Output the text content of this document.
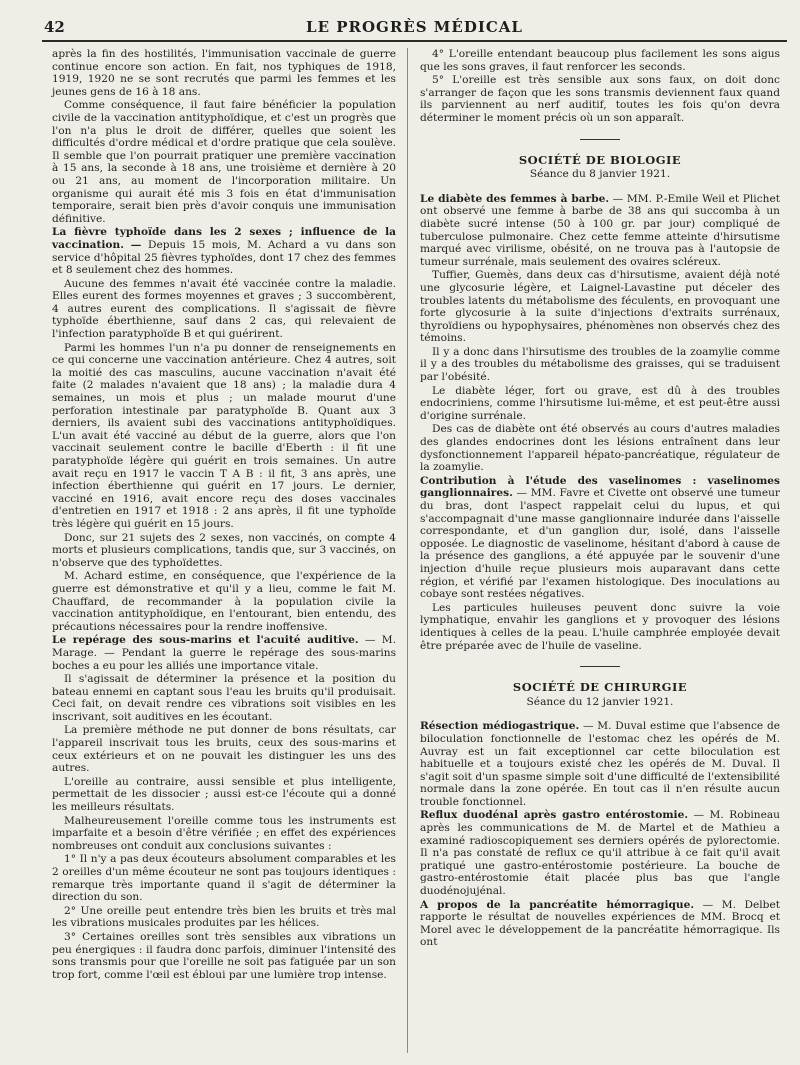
42	LE PROGRÈS MÉDICAL

après la fin des hostilités, l'immunisation vaccinale de guerre continue encore son action. En fait, nos typhiques de 1918, 1919, 1920 ne se sont recrutés que parmi les femmes et les jeunes gens de 16 à 18 ans.

Comme conséquence, il faut faire bénéficier la population civile de la vaccination antityphoïdique, et c'est un progrès que l'on n'a plus le droit de différer, quelles que soient les difficultés d'ordre médical et d'ordre pratique que cela soulève. Il semble que l'on pourrait pratiquer une première vaccination à 15 ans, la seconde à 18 ans, une troisième et dernière à 20 ou 21 ans, au moment de l'incorporation militaire. Un organisme qui aurait été mis 3 fois en état d'immunisation temporaire, serait bien près d'avoir conquis une immunisation définitive.

La fièvre typhoïde dans les 2 sexes ; influence de la vaccination. — Depuis 15 mois, M. Achard a vu dans son service d'hôpital 25 fièvres typhoïdes, dont 17 chez des femmes et 8 seulement chez des hommes.

Aucune des femmes n'avait été vaccinée contre la maladie. Elles eurent des formes moyennes et graves ; 3 succombèrent, 4 autres eurent des complications. Il s'agissait de fièvre typhoïde éberthienne, sauf dans 2 cas, qui relevaient de l'infection paratyphoïde B et qui guérirent.

Parmi les hommes l'un n'a pu donner de renseignements en ce qui concerne une vaccination antérieure. Chez 4 autres, soit la moitié des cas masculins, aucune vaccination n'avait été faite (2 malades n'avaient que 18 ans) ; la maladie dura 4 semaines, un mois et plus ; un malade mourut d'une perforation intestinale par paratyphoïde B. Quant aux 3 derniers, ils avaient subi des vaccinations antityphoïdiques. L'un avait été vacciné au début de la guerre, alors que l'on vaccinait seulement contre le bacille d'Eberth : il fit une paratyphoïde légère qui guérit en trois semaines. Un autre avait reçu en 1917 le vaccin T A B : il fit, 3 ans après, une infection éberthienne qui guérit en 17 jours. Le dernier, vacciné en 1916, avait encore reçu des doses vaccinales d'entretien en 1917 et 1918 : 2 ans après, il fit une typhoïde très légère qui guérit en 15 jours.

Donc, sur 21 sujets des 2 sexes, non vaccinés, on compte 4 morts et plusieurs complications, tandis que, sur 3 vaccinés, on n'observe que des typhoïdettes.

M. Achard estime, en conséquence, que l'expérience de la guerre est démonstrative et qu'il y a lieu, comme le fait M. Chauffard, de recommander à la population civile la vaccination antityphoïdique, en l'entourant, bien entendu, des précautions nécessaires pour la rendre inoffensive.

Le repérage des sous-marins et l'acuité auditive. — M. Marage. — Pendant la guerre le repérage des sous-marins boches a eu pour les alliés une importance vitale.

Il s'agissait de déterminer la présence et la position du bateau ennemi en captant sous l'eau les bruits qu'il produisait. Ceci fait, on devait rendre ces vibrations soit visibles en les inscrivant, soit auditives en les écoutant.

La première méthode ne put donner de bons résultats, car l'appareil inscrivait tous les bruits, ceux des sous-marins et ceux extérieurs et on ne pouvait les distinguer les uns des autres.

L'oreille au contraire, aussi sensible et plus intelligente, permettait de les dissocier ; aussi est-ce l'écoute qui a donné les meilleurs résultats.

Malheureusement l'oreille comme tous les instruments est imparfaite et a besoin d'être vérifiée ; en effet des expériences nombreuses ont conduit aux conclusions suivantes :

1° Il n'y a pas deux écouteurs absolument comparables et les 2 oreilles d'un même écouteur ne sont pas toujours identiques : remarque très importante quand il s'agit de déterminer la direction du son.

2° Une oreille peut entendre très bien les bruits et très mal les vibrations musicales produites par les hélices.

3° Certaines oreilles sont très sensibles aux vibrations un peu énergiques : il faudra donc parfois, diminuer l'intensité des sons transmis pour que l'oreille ne soit pas fatiguée par un son trop fort, comme l'œil est ébloui par une lumière trop intense.

4° L'oreille entendant beaucoup plus facilement les sons aigus que les sons graves, il faut renforcer les seconds.

5° L'oreille est très sensible aux sons faux, on doit donc s'arranger de façon que les sons transmis deviennent faux quand ils parviennent au nerf auditif, toutes les fois qu'on devra déterminer le moment précis où un son apparaît.

SOCIÉTÉ DE BIOLOGIE
Séance du 8 janvier 1921.

Le diabète des femmes à barbe. — MM. P.-Emile Weil et Plichet ont observé une femme à barbe de 38 ans qui succomba à un diabète sucré intense (50 à 100 gr. par jour) compliqué de tuberculose pulmonaire. Chez cette femme atteinte d'hirsutisme marqué avec virilisme, obésité, on ne trouva pas à l'autopsie de tumeur surrénale, mais seulement des ovaires scléreux.

Tuffier, Guemès, dans deux cas d'hirsutisme, avaient déjà noté une glycosurie légère, et Laignel-Lavastine put déceler des troubles latents du métabolisme des féculents, en provoquant une forte glycosurie à la suite d'injections d'extraits surrénaux, thyroïdiens ou hypophysaires, phénomènes non observés chez des témoins.

Il y a donc dans l'hirsutisme des troubles de la zoamylie comme il y a des troubles du métabolisme des graisses, qui se traduisent par l'obésité.

Le diabète léger, fort ou grave, est dû à des troubles endocriniens, comme l'hirsutisme lui-même, et est peut-être aussi d'origine surrénale.

Des cas de diabète ont été observés au cours d'autres maladies des glandes endocrines dont les lésions entraînent dans leur dysfonctionnement l'appareil hépato-pancréatique, régulateur de la zoamylie.

Contribution à l'étude des vaselinomes : vaselinomes ganglionnaires. — MM. Favre et Civette ont observé une tumeur du bras, dont l'aspect rappelait celui du lupus, et qui s'accompagnait d'une masse ganglionnaire indurée dans l'aisselle correspondante, et d'un ganglion dur, isolé, dans l'aisselle opposée. Le diagnostic de vaselinome, hésitant d'abord à cause de la présence des ganglions, a été appuyée par le souvenir d'une injection d'huile reçue plusieurs mois auparavant dans cette région, et vérifié par l'examen histologique. Des inoculations au cobaye sont restées négatives.

Les particules huileuses peuvent donc suivre la voie lymphatique, envahir les ganglions et y provoquer des lésions identiques à celles de la peau. L'huile camphrée employée devait être préparée avec de l'huile de vaseline.

SOCIÉTÉ DE CHIRURGIE
Séance du 12 janvier 1921.

Résection médiogastrique. — M. Duval estime que l'absence de biloculation fonctionnelle de l'estomac chez les opérés de M. Auvray est un fait exceptionnel car cette biloculation est habituelle et a toujours existé chez les opérés de M. Duval. Il s'agit soit d'un spasme simple soit d'une difficulté de l'extensibilité normale dans la zone opérée. En tout cas il n'en résulte aucun trouble fonctionnel.

Reflux duodénal après gastro entérostomie. — M. Robineau après les communications de M. de Martel et de Mathieu a examiné radioscopiquement ses derniers opérés de pylorectomie. Il n'a pas constaté de reflux ce qu'il attribue à ce fait qu'il avait pratiqué une gastro-entérostomie postérieure. La bouche de gastro-entérostomie était placée plus bas que l'angle duodénojujénal.

A propos de la pancréatite hémorragique. — M. Delbet rapporte le résultat de nouvelles expériences de MM. Brocq et Morel avec le développement de la pancréatite hémorragique. Ils ont
